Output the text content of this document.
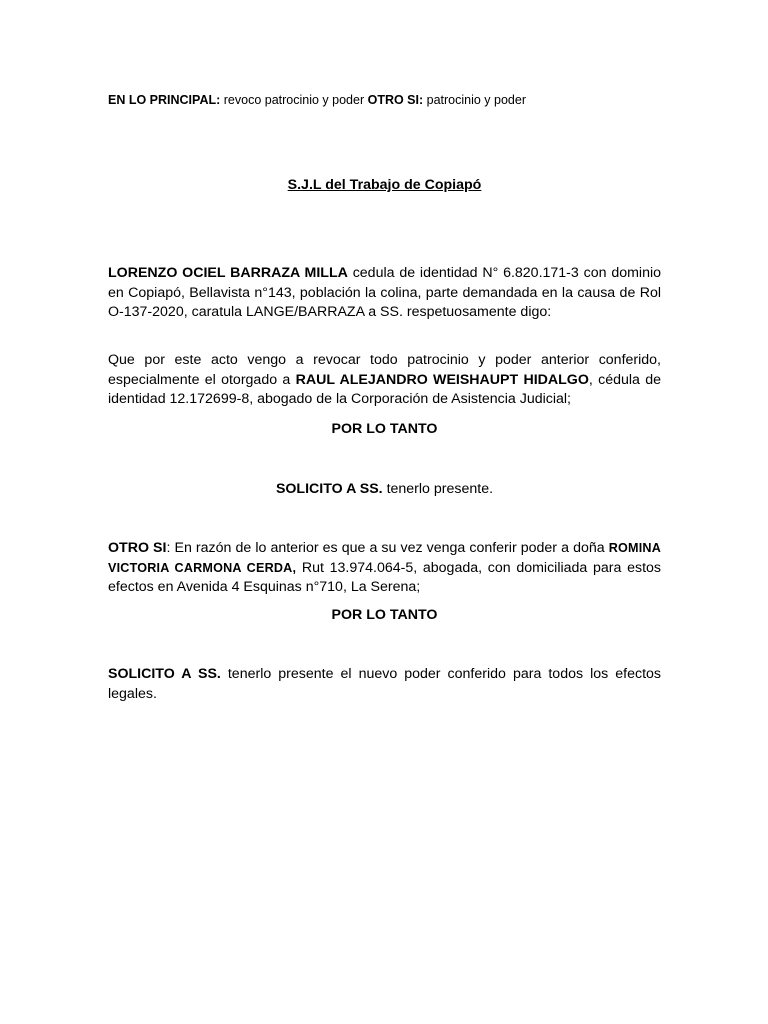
EN LO PRINCIPAL: revoco patrocinio y poder OTRO SI: patrocinio y poder
S.J.L del Trabajo de Copiapó
LORENZO OCIEL BARRAZA MILLA cedula de identidad N° 6.820.171-3 con dominio en Copiapó, Bellavista n°143, población la colina, parte demandada en la causa de Rol O-137-2020, caratula LANGE/BARRAZA a SS. respetuosamente digo:
Que por este acto vengo a revocar todo patrocinio y poder anterior conferido, especialmente el otorgado a RAUL ALEJANDRO WEISHAUPT HIDALGO, cédula de identidad 12.172699-8, abogado de la Corporación de Asistencia Judicial;
POR LO TANTO
SOLICITO A SS. tenerlo presente.
OTRO SI: En razón de lo anterior es que a su vez venga conferir poder a doña ROMINA VICTORIA CARMONA CERDA, Rut 13.974.064-5, abogada, con domiciliada para estos efectos en Avenida 4 Esquinas n°710, La Serena;
POR LO TANTO
SOLICITO A SS. tenerlo presente el nuevo poder conferido para todos los efectos legales.
